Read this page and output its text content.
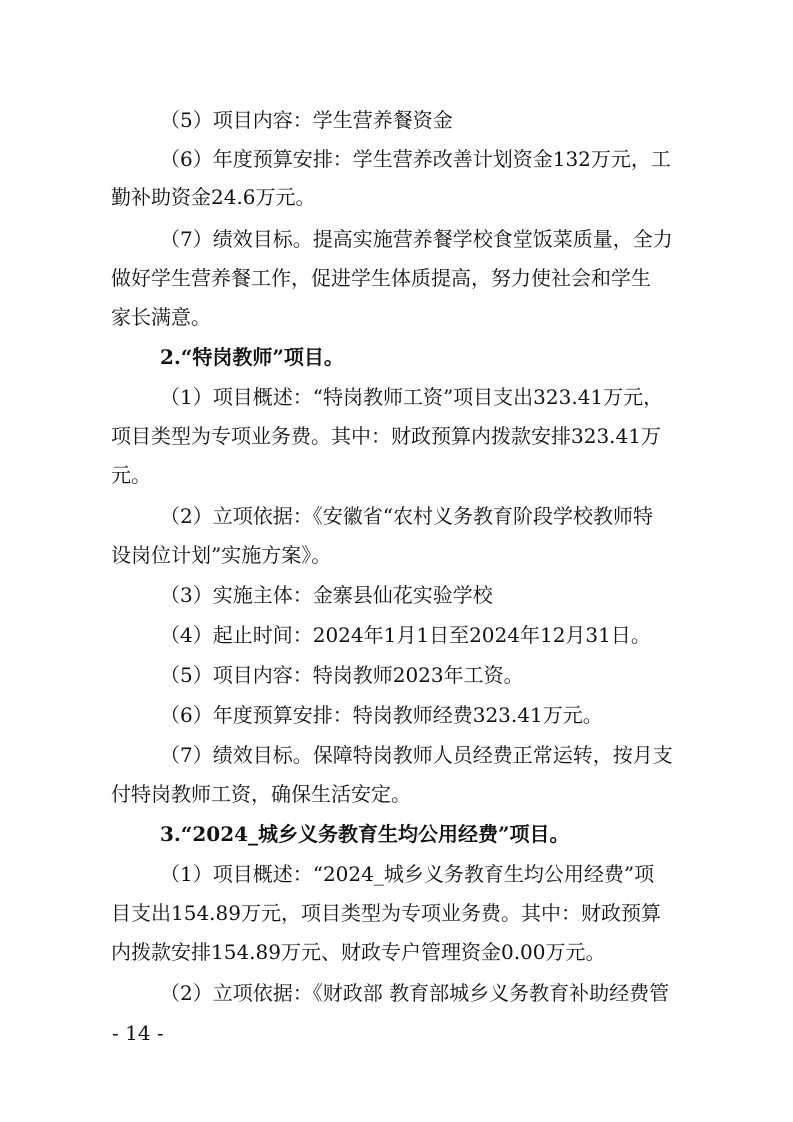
（5）项目内容：学生营养餐资金

（6）年度预算安排：学生营养改善计划资金132万元，工

勤补助资金24.6万元。

（7）绩效目标。提高实施营养餐学校食堂饭菜质量，全力

做好学生营养餐工作，促进学生体质提高，努力使社会和学生

家长满意。

2.“特岗教师”项目。

（1）项目概述：“特岗教师工资”项目支出323.41万元，

项目类型为专项业务费。其中：财政预算内拨款安排323.41万

元。

（2）立项依据：《安徽省“农村义务教育阶段学校教师特

设岗位计划”实施方案》。

（3）实施主体：金寨县仙花实验学校

（4）起止时间：2024年1月1日至2024年12月31日。

（5）项目内容：特岗教师2023年工资。

（6）年度预算安排：特岗教师经费323.41万元。

（7）绩效目标。保障特岗教师人员经费正常运转，按月支

付特岗教师工资，确保生活安定。

3.“2024_城乡义务教育生均公用经费”项目。

（1）项目概述：“2024_城乡义务教育生均公用经费”项

目支出154.89万元，项目类型为专项业务费。其中：财政预算

内拨款安排154.89万元、财政专户管理资金0.00万元。

（2）立项依据：《财政部 教育部城乡义务教育补助经费管

- 14 -
